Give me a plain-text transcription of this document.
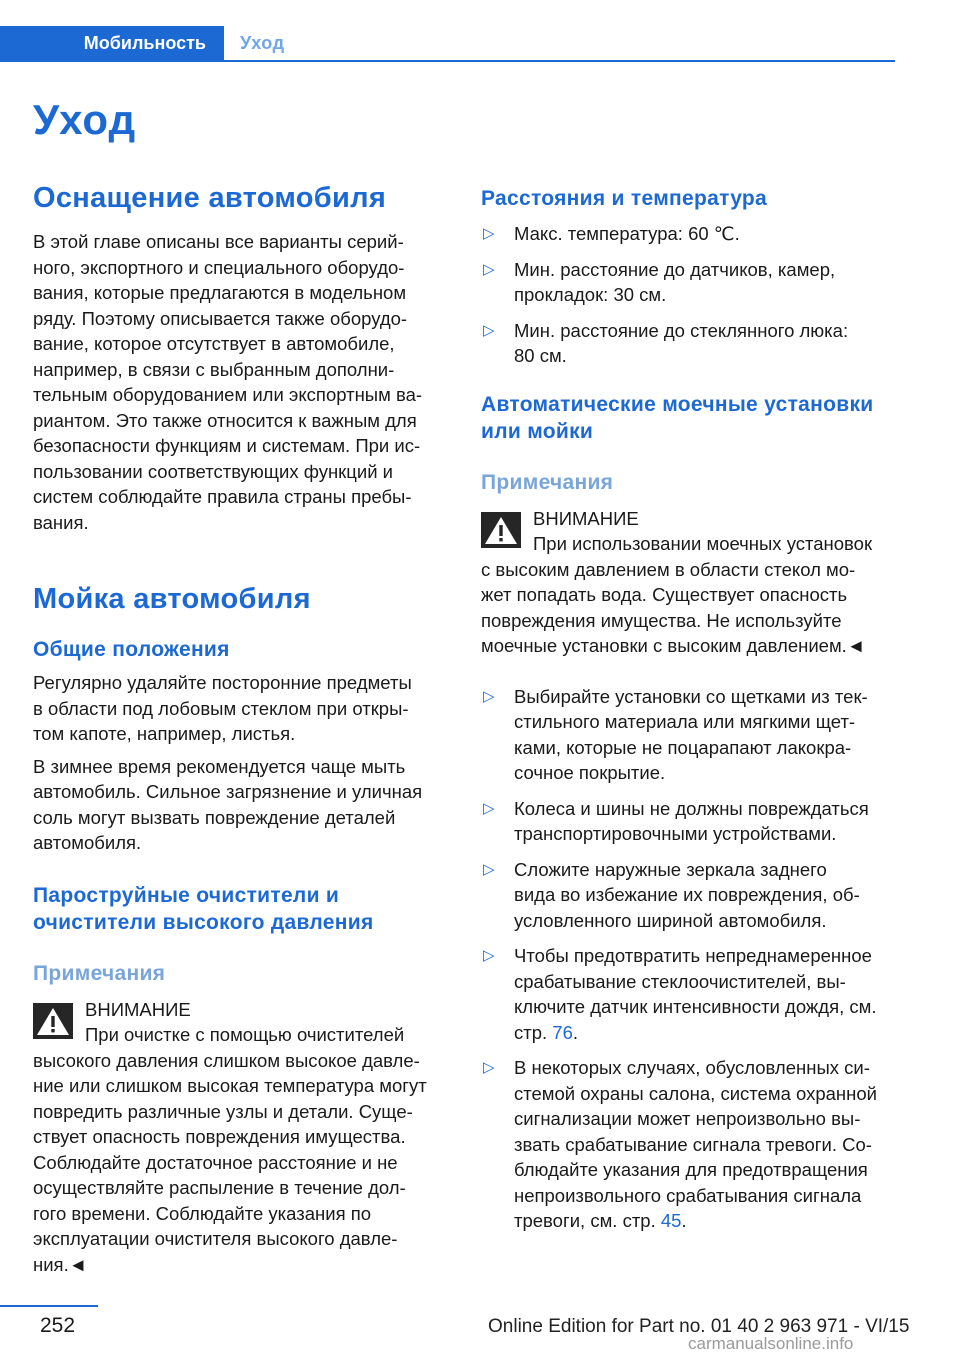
Мобильность	Уход
Уход
Оснащение автомобиля

В этой главе описаны все варианты серий-
ного, экспортного и специального оборудо-
вания, которые предлагаются в модельном
ряду. Поэтому описывается также оборудо-
вание, которое отсутствует в автомобиле,
например, в связи с выбранным дополни-
тельным оборудованием или экспортным ва-
риантом. Это также относится к важным для
безопасности функциям и системам. При ис-
пользовании соответствующих функций и
систем соблюдайте правила страны пребы-
вания.

Мойка автомобиля
Общие положения

Регулярно удаляйте посторонние предметы
в области под лобовым стеклом при откры-
том капоте, например, листья.

В зимнее время рекомендуется чаще мыть
автомобиль. Сильное загрязнение и уличная
соль могут вызвать повреждение деталей
автомобиля.

Пароструйные очистители и
очистители высокого давления
Примечания
ВНИМАНИЕ

При очистке с помощью очистителей
высокого давления слишком высокое давле-
ние или слишком высокая температура могут
повредить различные узлы и детали. Суще-
ствует опасность повреждения имущества.
Соблюдайте достаточное расстояние и не
осуществляйте распыление в течение дол-
гого времени. Соблюдайте указания по
эксплуатации очистителя высокого давле-
ния.◄

Расстояния и температура
▷ Макс. температура: 60 ℃.
▷ Мин. расстояние до датчиков, камер,
прокладок: 30 см.
▷ Мин. расстояние до стеклянного люка:
80 см.
Автоматические моечные установки
или мойки
Примечания
ВНИМАНИЕ

При использовании моечных установок
с высоким давлением в области стекол мо-
жет попадать вода. Существует опасность
повреждения имущества. Не используйте
моечные установки с высоким давлением.◄

▷ Выбирайте установки со щетками из тек-
стильного материала или мягкими щет-
ками, которые не поцарапают лакокра-
сочное покрытие.
▷ Колеса и шины не должны повреждаться
транспортировочными устройствами.
▷ Сложите наружные зеркала заднего
вида во избежание их повреждения, об-
условленного шириной автомобиля.
▷ Чтобы предотвратить непреднамеренное
срабатывание стеклоочистителей, вы-
ключите датчик интенсивности дождя, см.
стр. 76.
▷ В некоторых случаях, обусловленных си-
стемой охраны салона, система охранной
сигнализации может непроизвольно вы-
звать срабатывание сигнала тревоги. Со-
блюдайте указания для предотвращения
непроизвольного срабатывания сигнала
тревоги, см. стр. 45.
252	Online Edition for Part no. 01 40 2 963 971 - VI/15
carmanualsonline.info
